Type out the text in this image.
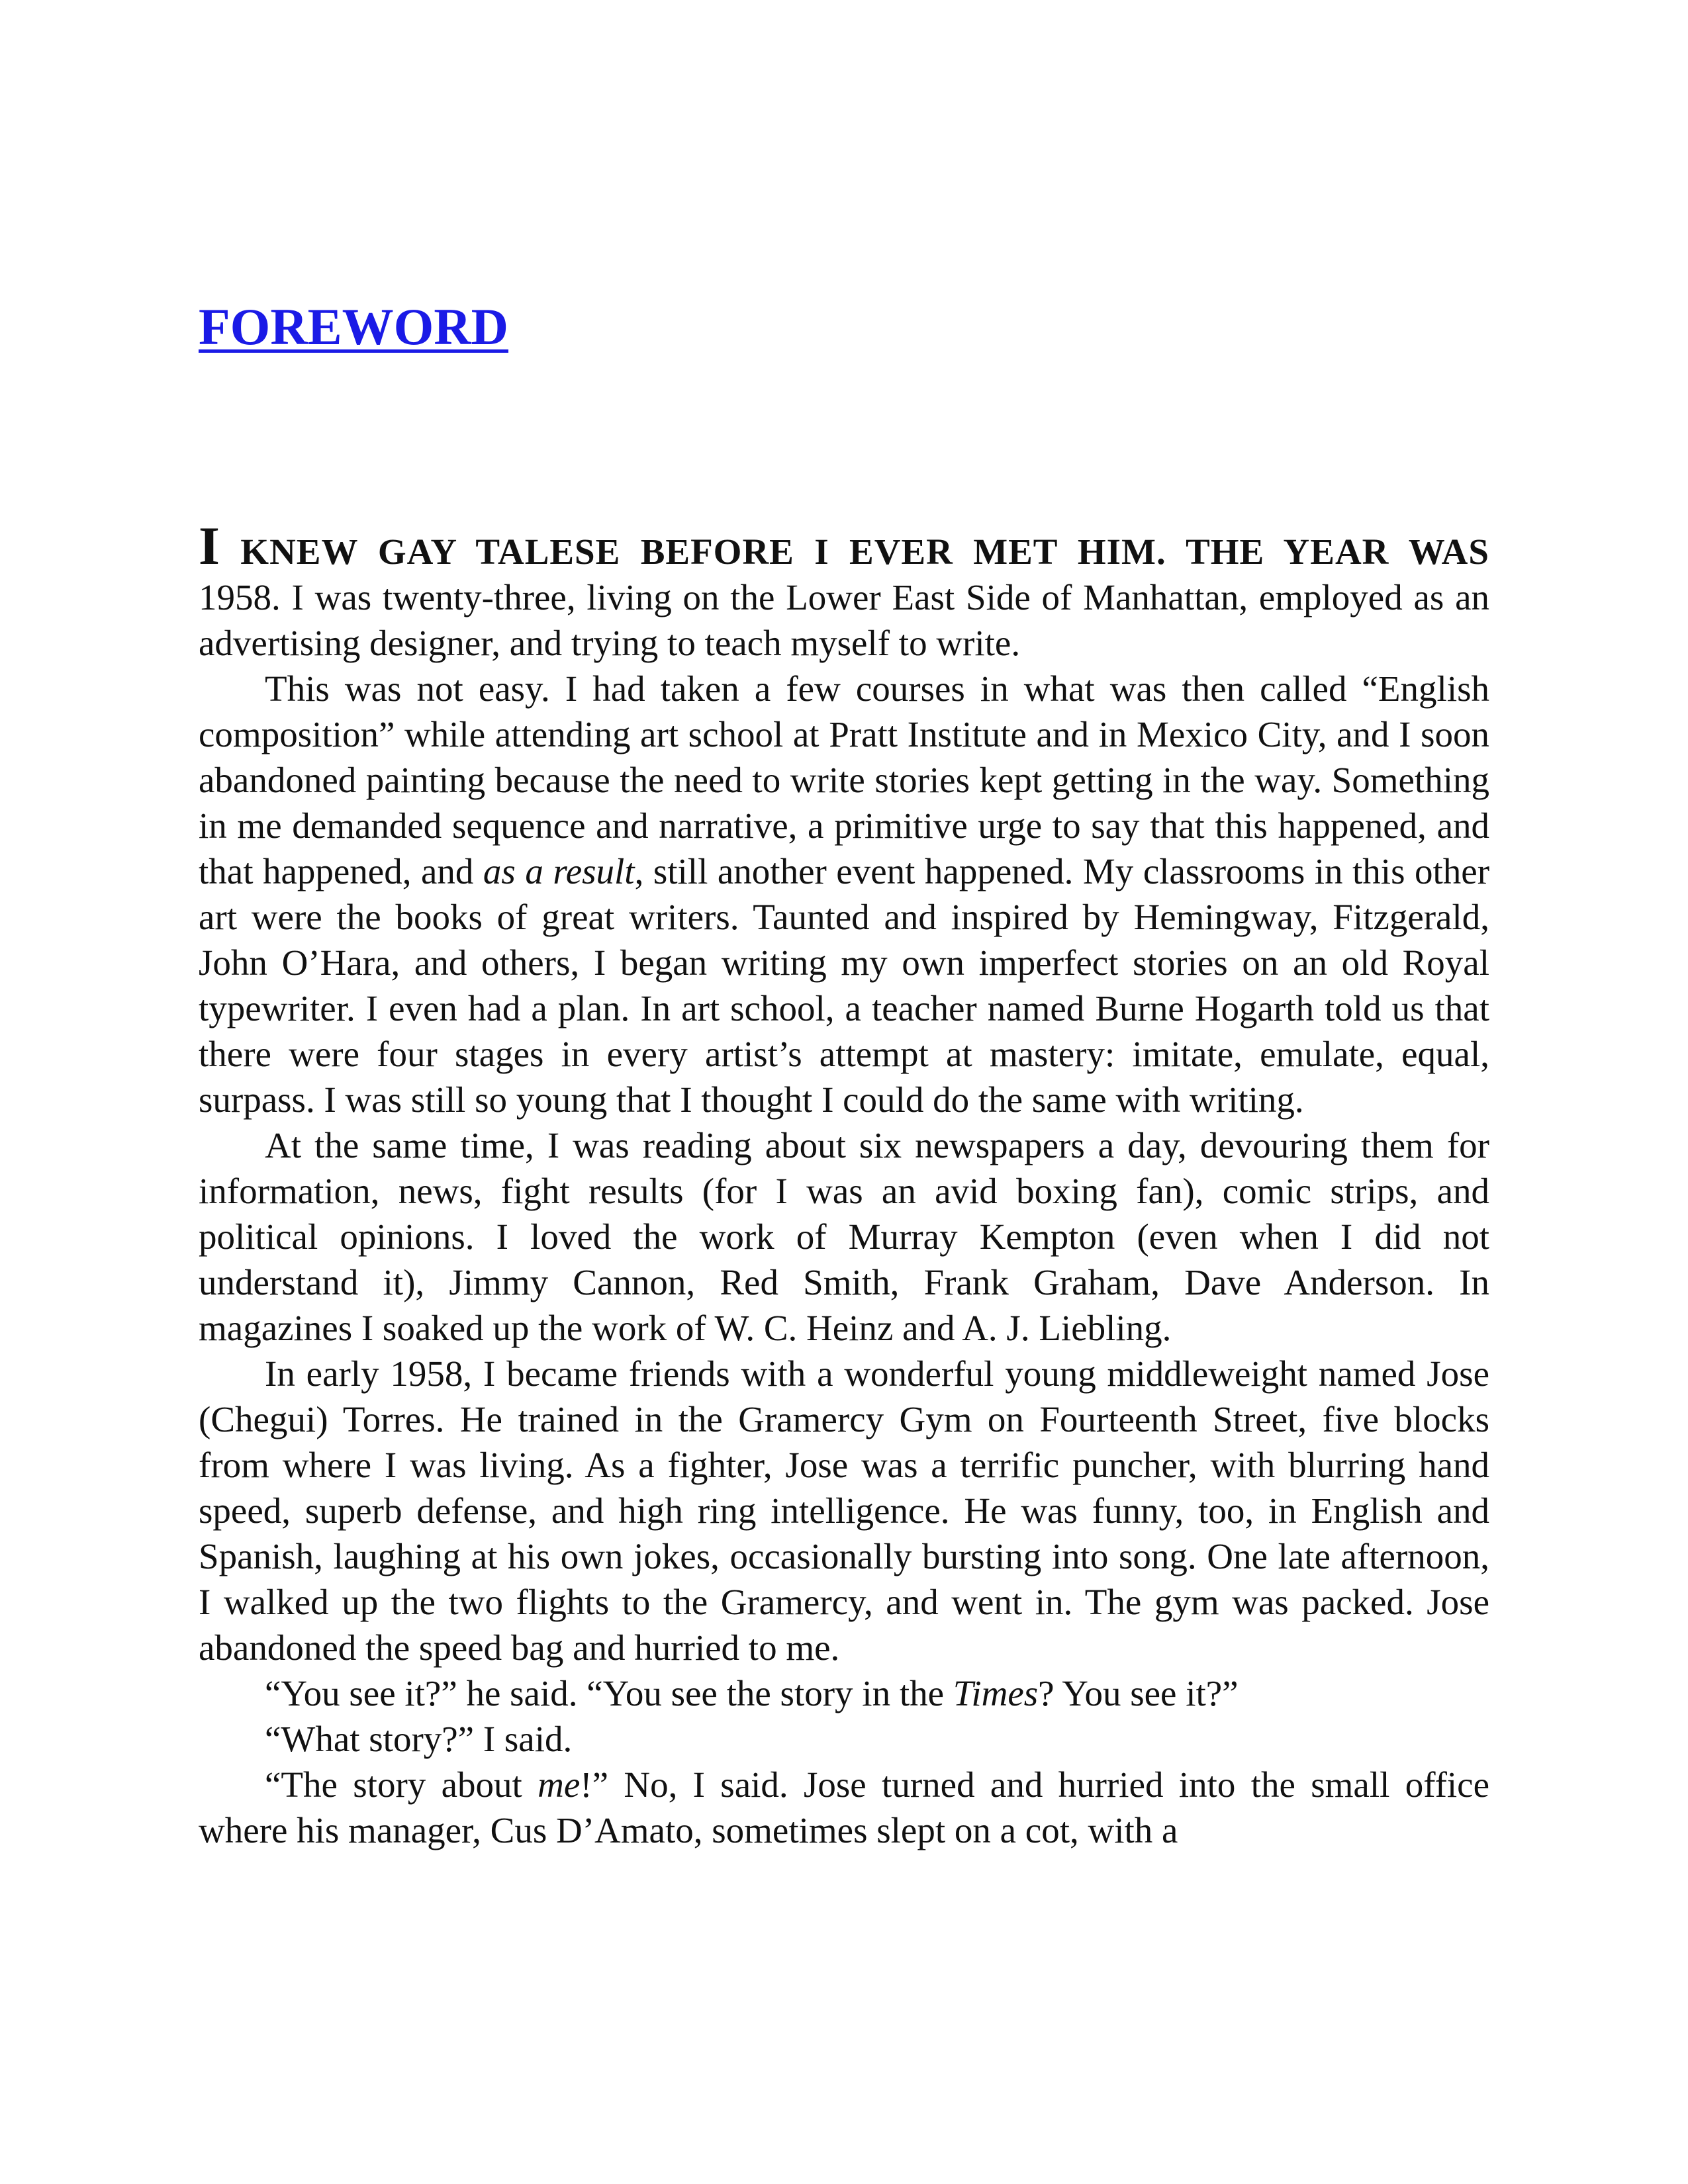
FOREWORD

I KNEW GAY TALESE BEFORE I EVER MET HIM. THE YEAR WAS
1958. I was twenty-three, living on the Lower East Side of Manhattan, employed as an advertising designer, and trying to teach myself to write.

This was not easy. I had taken a few courses in what was then called “English composition” while attending art school at Pratt Institute and in Mexico City, and I soon abandoned painting because the need to write stories kept getting in the way. Something in me demanded sequence and narrative, a primitive urge to say that this happened, and that happened, and as a result, still another event happened. My classrooms in this other art were the books of great writers. Taunted and inspired by Hemingway, Fitzgerald, John O’Hara, and others, I began writing my own imperfect stories on an old Royal typewriter. I even had a plan. In art school, a teacher named Burne Hogarth told us that there were four stages in every artist’s attempt at mastery: imitate, emulate, equal, surpass. I was still so young that I thought I could do the same with writing.

At the same time, I was reading about six newspapers a day, devouring them for information, news, fight results (for I was an avid boxing fan), comic strips, and political opinions. I loved the work of Murray Kempton (even when I did not understand it), Jimmy Cannon, Red Smith, Frank Graham, Dave Anderson. In magazines I soaked up the work of W. C. Heinz and A. J. Liebling.

In early 1958, I became friends with a wonderful young middleweight named Jose (Chegui) Torres. He trained in the Gramercy Gym on Fourteenth Street, five blocks from where I was living. As a fighter, Jose was a terrific puncher, with blurring hand speed, superb defense, and high ring intelligence. He was funny, too, in English and Spanish, laughing at his own jokes, occasionally bursting into song. One late afternoon, I walked up the two flights to the Gramercy, and went in. The gym was packed. Jose abandoned the speed bag and hurried to me.

“You see it?” he said. “You see the story in the Times? You see it?”

“What story?” I said.

“The story about me!” No, I said. Jose turned and hurried into the small office where his manager, Cus D’Amato, sometimes slept on a cot, with a
